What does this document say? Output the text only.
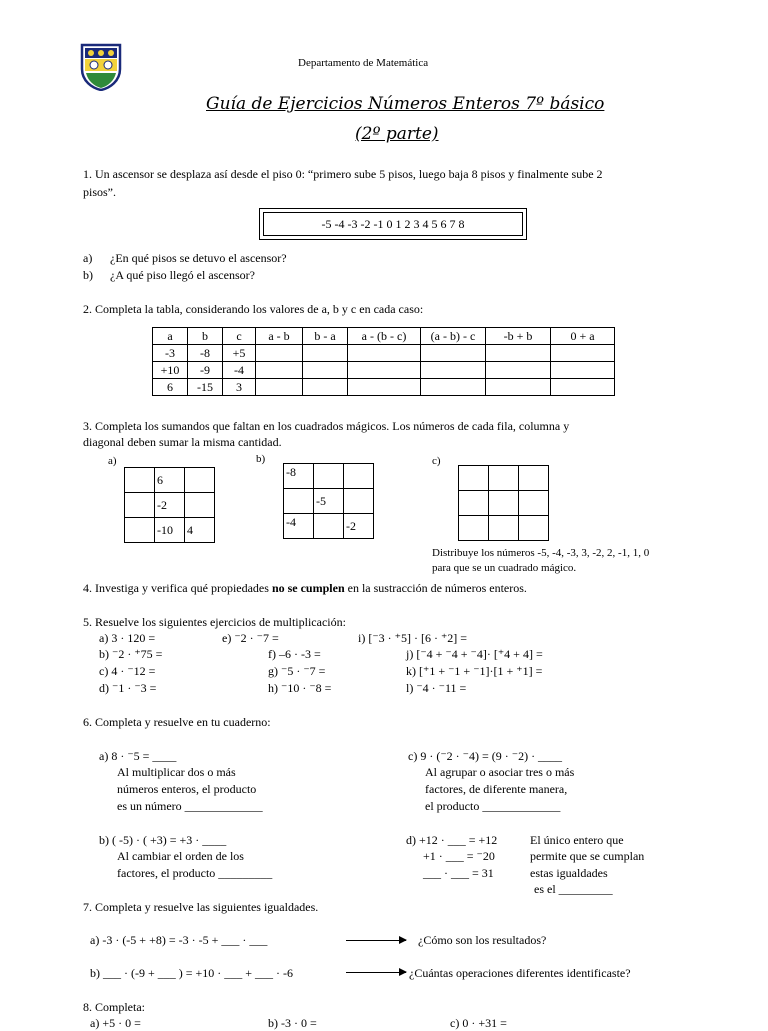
Departamento de Matemática
Guía de Ejercicios Números Enteros 7º básico
(2º parte)
1. Un ascensor se desplaza así desde el piso 0: “primero sube 5 pisos, luego baja 8 pisos y finalmente sube 2
pisos”.
-5 -4 -3 -2 -1 0 1 2 3 4 5 6 7 8
a) ¿En qué pisos se detuvo el ascensor?
b) ¿A qué piso llegó el ascensor?
2. Completa la tabla, considerando los valores de a, b y c en cada caso:
a	b	c	a - b	b - a	a - (b - c)	(a - b) - c	-b + b	0 + a
-3	-8	+5						
+10	-9	-4						
6	-15	3						
3. Completa los sumandos que faltan en los cuadrados mágicos. Los números de cada fila, columna y
diagonal deben sumar la misma cantidad.
a)	b)	c)
	6	
	-2	
	-10	4
-8		
	-5	
-4		-2

Distribuye los números -5, -4, -3, 3, -2, 2, -1, 1, 0
para que se un cuadrado mágico.
4. Investiga y verifica qué propiedades no se cumplen en la sustracción de números enteros.
5. Resuelve los siguientes ejercicios de multiplicación:
a) 3 · 120 =
b) ⁻2 · ⁺75 =
c) 4 · ⁻12 =
d) ⁻1 · ⁻3 =
e) ⁻2 · ⁻7 =
f) –6 · -3 =
g) ⁻5 · ⁻7 =
h) ⁻10 · ⁻8 =
i) [⁻3 · ⁺5] · [6 · ⁺2] =
j) [⁻4 + ⁻4 + ⁻4]· [⁺4 + 4] =
k) [⁺1 + ⁻1 + ⁻1]·[1 + ⁺1] =
l) ⁻4 · ⁻11 =
6. Completa y resuelve en tu cuaderno:
a) 8 · ⁻5 = ____
Al multiplicar dos o más
números enteros, el producto
es un número _____________
c) 9 · (⁻2 · ⁻4) = (9 · ⁻2) · ____
Al agrupar o asociar tres o más
factores, de diferente manera,
el producto _____________
b) ( -5) · ( +3) = +3 · ____
Al cambiar el orden de los
factores, el producto _________
d) +12 · ___ = +12
+1 · ___ = ⁻20
___ · ___ = 31
El único entero que
permite que se cumplan
estas igualdades
es el _________
7. Completa y resuelve las siguientes igualdades.
a) -3 · (-5 + +8) = -3 · -5 + ___ · ___	¿Cómo son los resultados?
b) ___ · (-9 + ___ ) = +10 · ___ + ___ · -6	¿Cuántas operaciones diferentes identificaste?
8. Completa:
a) +5 · 0 =	b) -3 · 0 =	c) 0 · +31 =
